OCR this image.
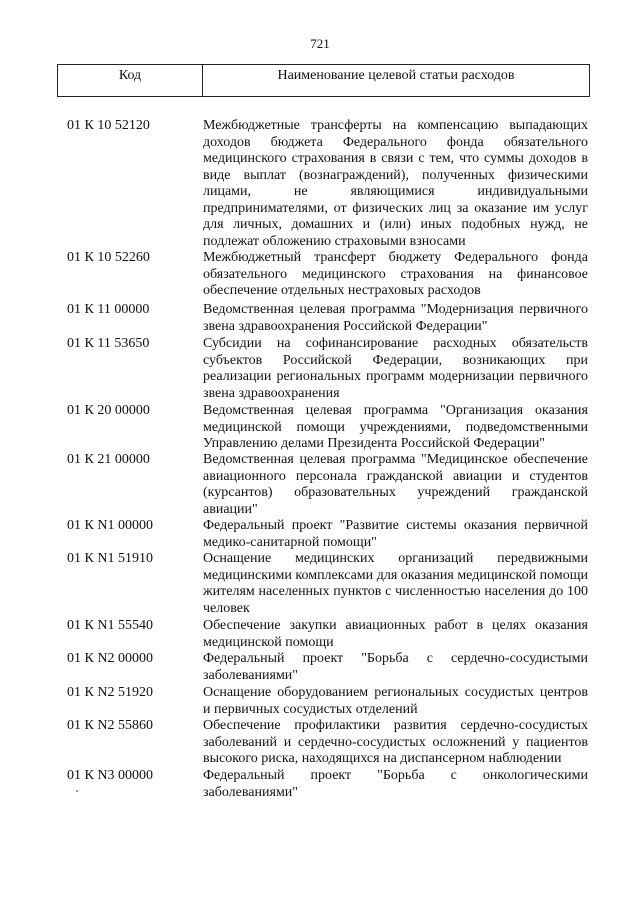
721
Код	Наименование целевой статьи расходов
01 К 10 52120	Межбюджетные трансферты на компенсацию выпадающих доходов бюджета Федерального фонда обязательного медицинского страхования в связи с тем, что суммы доходов в виде выплат (вознаграждений), полученных физическими лицами, не являющимися индивидуальными предпринимателями, от физических лиц за оказание им услуг для личных, домашних и (или) иных подобных нужд, не подлежат обложению страховыми взносами
01 К 10 52260	Межбюджетный трансферт бюджету Федерального фонда обязательного медицинского страхования на финансовое обеспечение отдельных нестраховых расходов
01 К 11 00000	Ведомственная целевая программа "Модернизация первичного звена здравоохранения Российской Федерации"
01 К 11 53650	Субсидии на софинансирование расходных обязательств субъектов Российской Федерации, возникающих при реализации региональных программ модернизации первичного звена здравоохранения
01 К 20 00000	Ведомственная целевая программа "Организация оказания медицинской помощи учреждениями, подведомственными Управлению делами Президента Российской Федерации"
01 К 21 00000	Ведомственная целевая программа "Медицинское обеспечение авиационного персонала гражданской авиации и студентов (курсантов) образовательных учреждений гражданской авиации"
01 К N1 00000	Федеральный проект "Развитие системы оказания первичной медико-санитарной помощи"
01 К N1 51910	Оснащение медицинских организаций передвижными медицинскими комплексами для оказания медицинской помощи жителям населенных пунктов с численностью населения до 100 человек
01 К N1 55540	Обеспечение закупки авиационных работ в целях оказания медицинской помощи
01 К N2 00000	Федеральный проект "Борьба с сердечно-сосудистыми заболеваниями"
01 К N2 51920	Оснащение оборудованием региональных сосудистых центров и первичных сосудистых отделений
01 К N2 55860	Обеспечение профилактики развития сердечно-сосудистых заболеваний и сердечно-сосудистых осложнений у пациентов высокого риска, находящихся на диспансерном наблюдении
01 К N3 00000	Федеральный проект "Борьба с онкологическими заболеваниями"
